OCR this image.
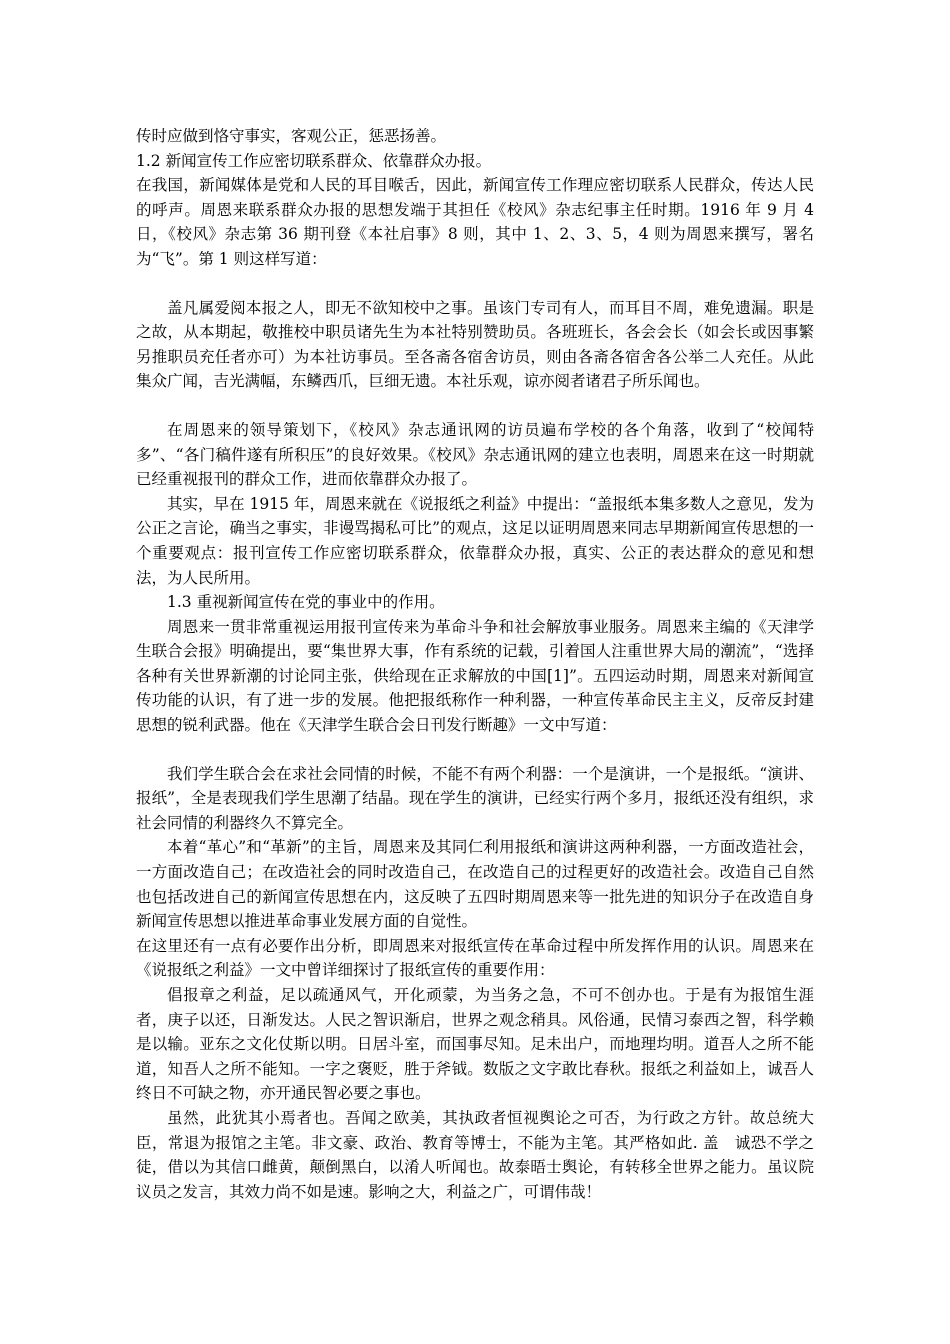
传时应做到恪守事实，客观公正，惩恶扬善。

1.2 新闻宣传工作应密切联系群众、依靠群众办报。

在我国，新闻媒体是党和人民的耳目喉舌，因此，新闻宣传工作理应密切联系人民群众，传达人民的呼声。周恩来联系群众办报的思想发端于其担任《校风》杂志纪事主任时期。1916 年 9 月 4 日，《校风》杂志第 36 期刊登《本社启事》8 则，其中 1、2、3、5，4 则为周恩来撰写，署名为“飞”。第 1 则这样写道：

盖凡属爱阅本报之人，即无不欲知校中之事。虽该门专司有人，而耳目不周，难免遗漏。职是之故，从本期起，敬推校中职员诸先生为本社特别赞助员。各班班长，各会会长（如会长或因事繁另推职员充任者亦可）为本社访事员。至各斋各宿舍访员，则由各斋各宿舍各公举二人充任。从此集众广闻，吉光满幅，东鳞西爪，巨细无遗。本社乐观，谅亦阅者诸君子所乐闻也。

在周恩来的领导策划下，《校风》杂志通讯网的访员遍布学校的各个角落，收到了“校闻特多”、“各门稿件遂有所积压”的良好效果。《校风》杂志通讯网的建立也表明，周恩来在这一时期就已经重视报刊的群众工作，进而依靠群众办报了。

其实，早在 1915 年，周恩来就在《说报纸之利益》中提出：“盖报纸本集多数人之意见，发为公正之言论，确当之事实，非谩骂揭私可比”的观点，这足以证明周恩来同志早期新闻宣传思想的一个重要观点：报刊宣传工作应密切联系群众，依靠群众办报，真实、公正的表达群众的意见和想法，为人民所用。

1.3 重视新闻宣传在党的事业中的作用。

周恩来一贯非常重视运用报刊宣传来为革命斗争和社会解放事业服务。周恩来主编的《天津学生联合会报》明确提出，要“集世界大事，作有系统的记载，引着国人注重世界大局的潮流”，“选择各种有关世界新潮的讨论同主张，供给现在正求解放的中国[1]”。五四运动时期，周恩来对新闻宣传功能的认识，有了进一步的发展。他把报纸称作一种利器，一种宣传革命民主主义，反帝反封建思想的锐利武器。他在《天津学生联合会日刊发行断趣》一文中写道：

我们学生联合会在求社会同情的时候，不能不有两个利器：一个是演讲，一个是报纸。“演讲、报纸”，全是表现我们学生思潮了结晶。现在学生的演讲，已经实行两个多月，报纸还没有组织，求社会同情的利器终久不算完全。

本着“革心”和“革新”的主旨，周恩来及其同仁利用报纸和演讲这两种利器，一方面改造社会，一方面改造自己；在改造社会的同时改造自己，在改造自己的过程更好的改造社会。改造自己自然也包括改进自己的新闻宣传思想在内，这反映了五四时期周恩来等一批先进的知识分子在改造自身新闻宣传思想以推进革命事业发展方面的自觉性。

在这里还有一点有必要作出分析，即周恩来对报纸宣传在革命过程中所发挥作用的认识。周恩来在《说报纸之利益》一文中曾详细探讨了报纸宣传的重要作用：

倡报章之利益，足以疏通风气，开化顽蒙，为当务之急，不可不创办也。于是有为报馆生涯者，庚子以还，日渐发达。人民之智识渐启，世界之观念稍具。风俗通，民情习泰西之智，科学赖是以输。亚东之文化仗斯以明。日居斗室，而国事尽知。足未出户，而地理均明。道吾人之所不能道，知吾人之所不能知。一字之褒贬，胜于斧钺。数版之文字敢比春秋。报纸之利益如上，诚吾人终日不可缺之物，亦开通民智必要之事也。

虽然，此犹其小焉者也。吾闻之欧美，其执政者恒视舆论之可否，为行政之方针。故总统大臣，常退为报馆之主笔。非文豪、政治、教育等博士，不能为主笔。其严格如此. 盖　诚恐不学之徒，借以为其信口雌黄，颠倒黑白，以淆人听闻也。故泰晤士舆论，有转移全世界之能力。虽议院议员之发言，其效力尚不如是速。影响之大，利益之广，可谓伟哉！
